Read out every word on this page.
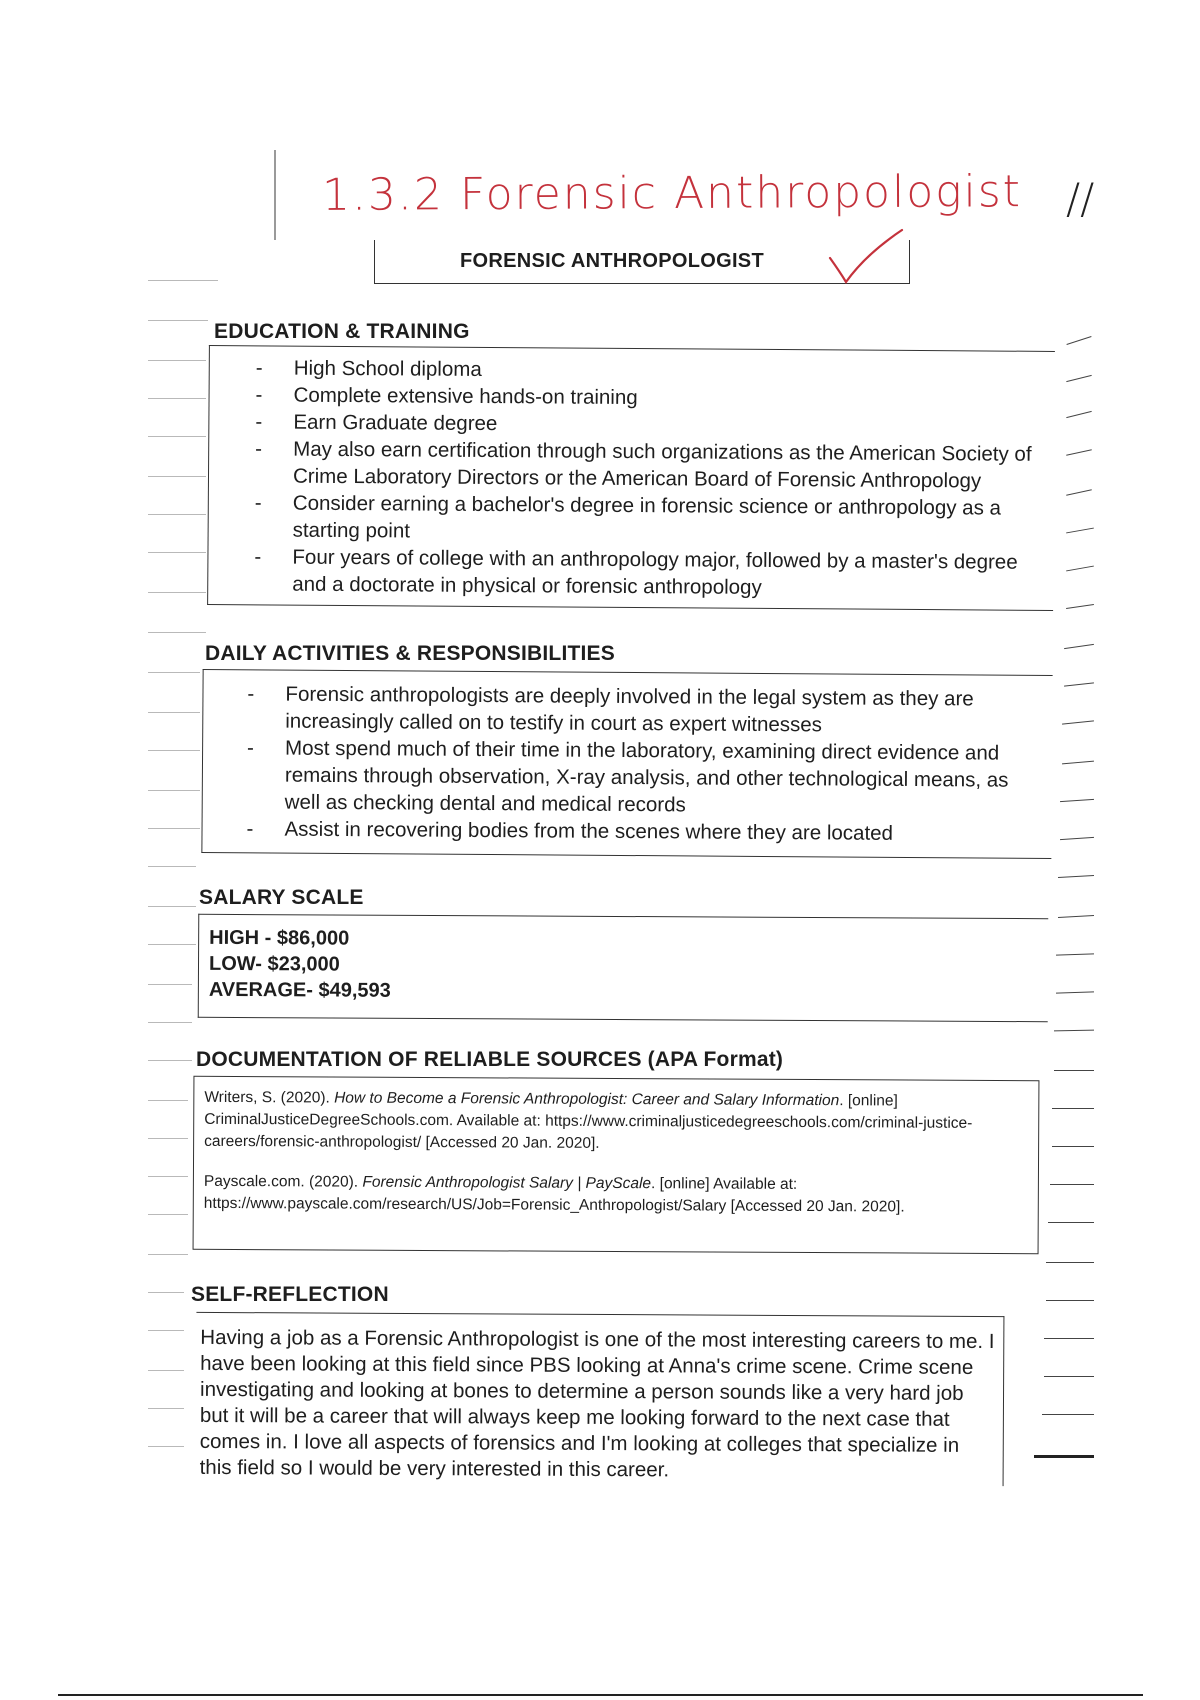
1.3.2 Forensic Anthropologist //
FORENSIC ANTHROPOLOGIST
EDUCATION & TRAINING
- High School diploma
- Complete extensive hands-on training
- Earn Graduate degree
- May also earn certification through such organizations as the American Society of Crime Laboratory Directors or the American Board of Forensic Anthropology
- Consider earning a bachelor's degree in forensic science or anthropology as a starting point
- Four years of college with an anthropology major, followed by a master's degree and a doctorate in physical or forensic anthropology
DAILY ACTIVITIES & RESPONSIBILITIES
- Forensic anthropologists are deeply involved in the legal system as they are increasingly called on to testify in court as expert witnesses
- Most spend much of their time in the laboratory, examining direct evidence and remains through observation, X-ray analysis, and other technological means, as well as checking dental and medical records
- Assist in recovering bodies from the scenes where they are located
SALARY SCALE
HIGH - $86,000
LOW- $23,000
AVERAGE- $49,593
DOCUMENTATION OF RELIABLE SOURCES (APA Format)
Writers, S. (2020). How to Become a Forensic Anthropologist: Career and Salary Information. [online] CriminalJusticeDegreeSchools.com. Available at: https://www.criminaljusticedegreeschools.com/criminal-justice-careers/forensic-anthropologist/ [Accessed 20 Jan. 2020].
Payscale.com. (2020). Forensic Anthropologist Salary | PayScale. [online] Available at: https://www.payscale.com/research/US/Job=Forensic_Anthropologist/Salary [Accessed 20 Jan. 2020].
SELF-REFLECTION
Having a job as a Forensic Anthropologist is one of the most interesting careers to me. I have been looking at this field since PBS looking at Anna's crime scene. Crime scene investigating and looking at bones to determine a person sounds like a very hard job but it will be a career that will always keep me looking forward to the next case that comes in. I love all aspects of forensics and I'm looking at colleges that specialize in this field so I would be very interested in this career.
